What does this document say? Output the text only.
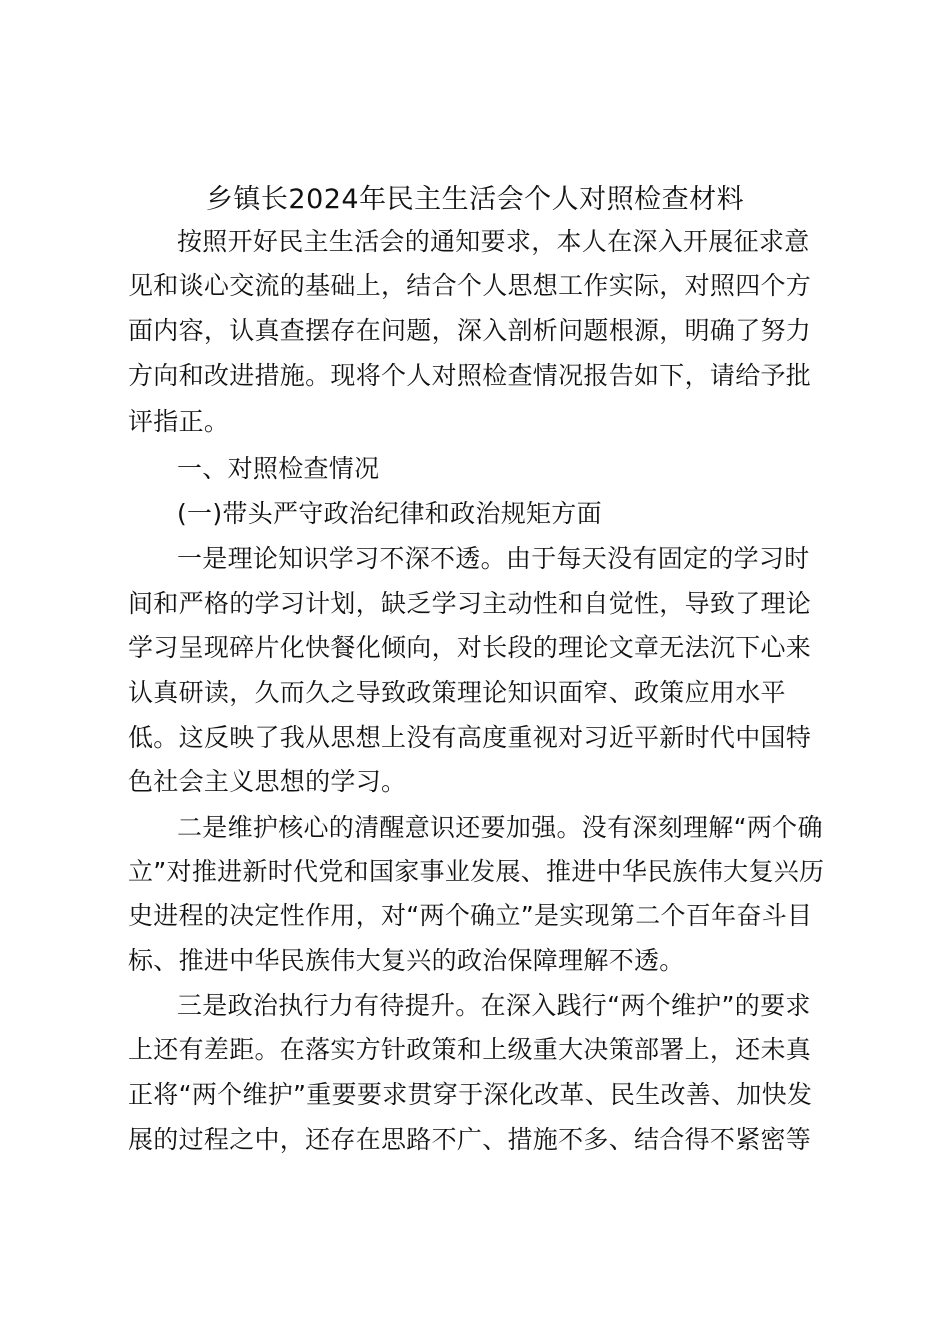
乡镇长2024年民主生活会个人对照检查材料
按照开好民主生活会的通知要求，本人在深入开展征求意
见和谈心交流的基础上，结合个人思想工作实际，对照四个方
面内容，认真查摆存在问题，深入剖析问题根源，明确了努力
方向和改进措施。现将个人对照检查情况报告如下，请给予批
评指正。
一、对照检查情况
(一)带头严守政治纪律和政治规矩方面
一是理论知识学习不深不透。由于每天没有固定的学习时
间和严格的学习计划，缺乏学习主动性和自觉性，导致了理论
学习呈现碎片化快餐化倾向，对长段的理论文章无法沉下心来
认真研读，久而久之导致政策理论知识面窄、政策应用水平
低。这反映了我从思想上没有高度重视对习近平新时代中国特
色社会主义思想的学习。
二是维护核心的清醒意识还要加强。没有深刻理解“两个确
立”对推进新时代党和国家事业发展、推进中华民族伟大复兴历
史进程的决定性作用，对“两个确立”是实现第二个百年奋斗目
标、推进中华民族伟大复兴的政治保障理解不透。
三是政治执行力有待提升。在深入践行“两个维护”的要求
上还有差距。在落实方针政策和上级重大决策部署上，还未真
正将“两个维护”重要要求贯穿于深化改革、民生改善、加快发
展的过程之中，还存在思路不广、措施不多、结合得不紧密等
